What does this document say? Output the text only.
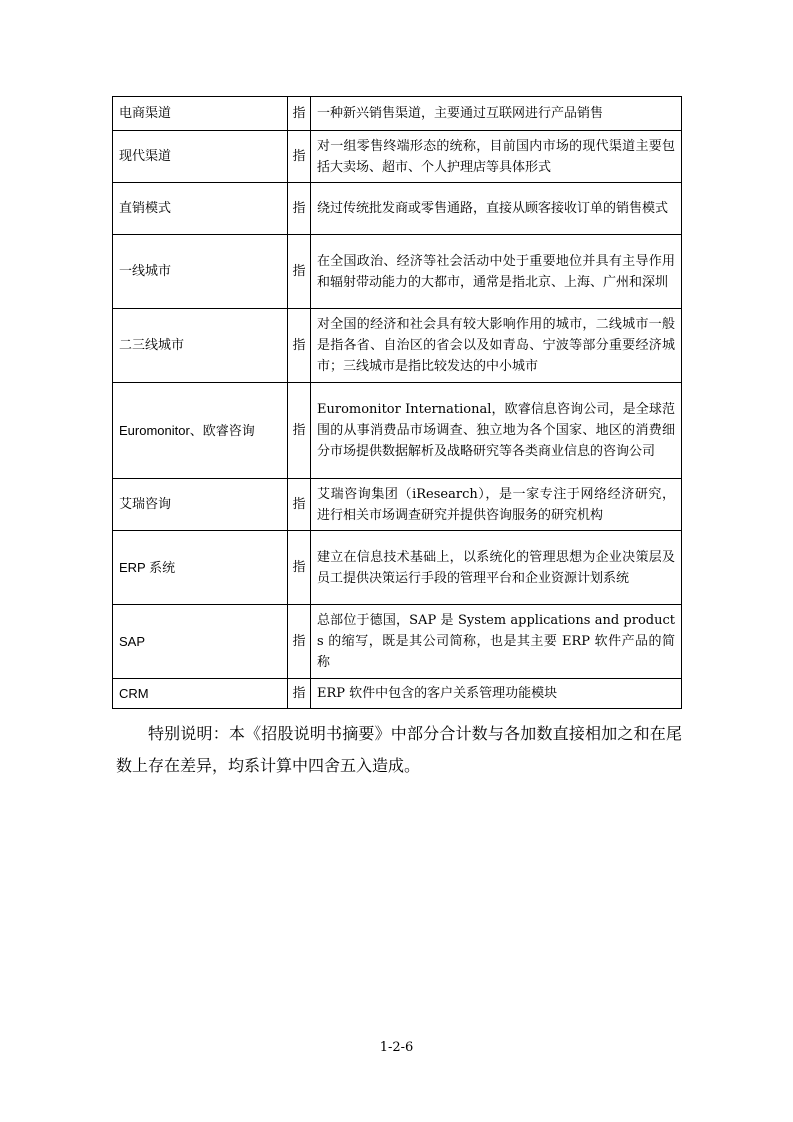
电商渠道	指	一种新兴销售渠道，主要通过互联网进行产品销售
现代渠道	指	对一组零售终端形态的统称，目前国内市场的现代渠道主要包括大卖场、超市、个人护理店等具体形式
直销模式	指	绕过传统批发商或零售通路，直接从顾客接收订单的销售模式
一线城市	指	在全国政治、经济等社会活动中处于重要地位并具有主导作用和辐射带动能力的大都市，通常是指北京、上海、广州和深圳
二三线城市	指	对全国的经济和社会具有较大影响作用的城市，二线城市一般是指各省、自治区的省会以及如青岛、宁波等部分重要经济城市；三线城市是指比较发达的中小城市
Euromonitor、欧睿咨询	指	Euromonitor International，欧睿信息咨询公司，是全球范围的从事消费品市场调查、独立地为各个国家、地区的消费细分市场提供数据解析及战略研究等各类商业信息的咨询公司
艾瑞咨询	指	艾瑞咨询集团（iResearch），是一家专注于网络经济研究，进行相关市场调查研究并提供咨询服务的研究机构
ERP 系统	指	建立在信息技术基础上，以系统化的管理思想为企业决策层及员工提供决策运行手段的管理平台和企业资源计划系统
SAP	指	总部位于德国，SAP 是 System applications and products 的缩写，既是其公司简称，也是其主要 ERP 软件产品的简称
CRM	指	ERP 软件中包含的客户关系管理功能模块

特别说明：本《招股说明书摘要》中部分合计数与各加数直接相加之和在尾数上存在差异，均系计算中四舍五入造成。

1-2-6
